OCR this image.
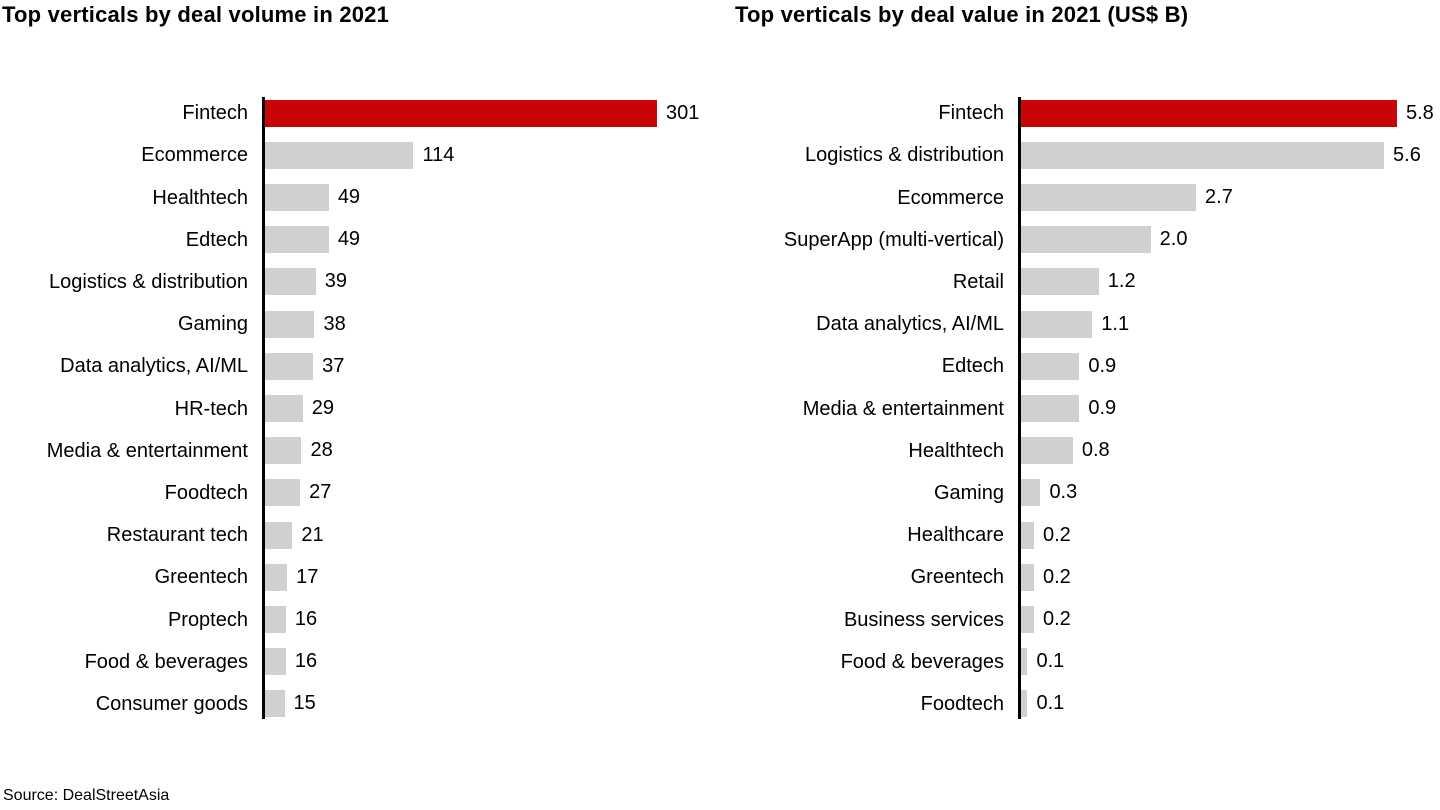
Top verticals by deal volume in 2021
Fintech	301
Ecommerce	114
Healthtech	49
Edtech	49
Logistics & distribution	39
Gaming	38
Data analytics, AI/ML	37
HR-tech	29
Media & entertainment	28
Foodtech	27
Restaurant tech	21
Greentech 17
Proptech 16
Food & beverages 16
Consumer goods 15
Top verticals by deal value in 2021 (US$ B)
Fintech	5.8
Logistics & distribution	5.6
Ecommerce	2.7
SuperApp (multi-vertical)	2.0
Retail	1.2
Data analytics, AI/ML	1.1
Edtech	0.9
Media & entertainment	0.9
Healthtech	0.8
Gaming 0.3
Healthcare 0.2
Greentech 0.2
Business services 0.2
Food & beverages 0.1
Foodtech 0.1
Source: DealStreetAsia
